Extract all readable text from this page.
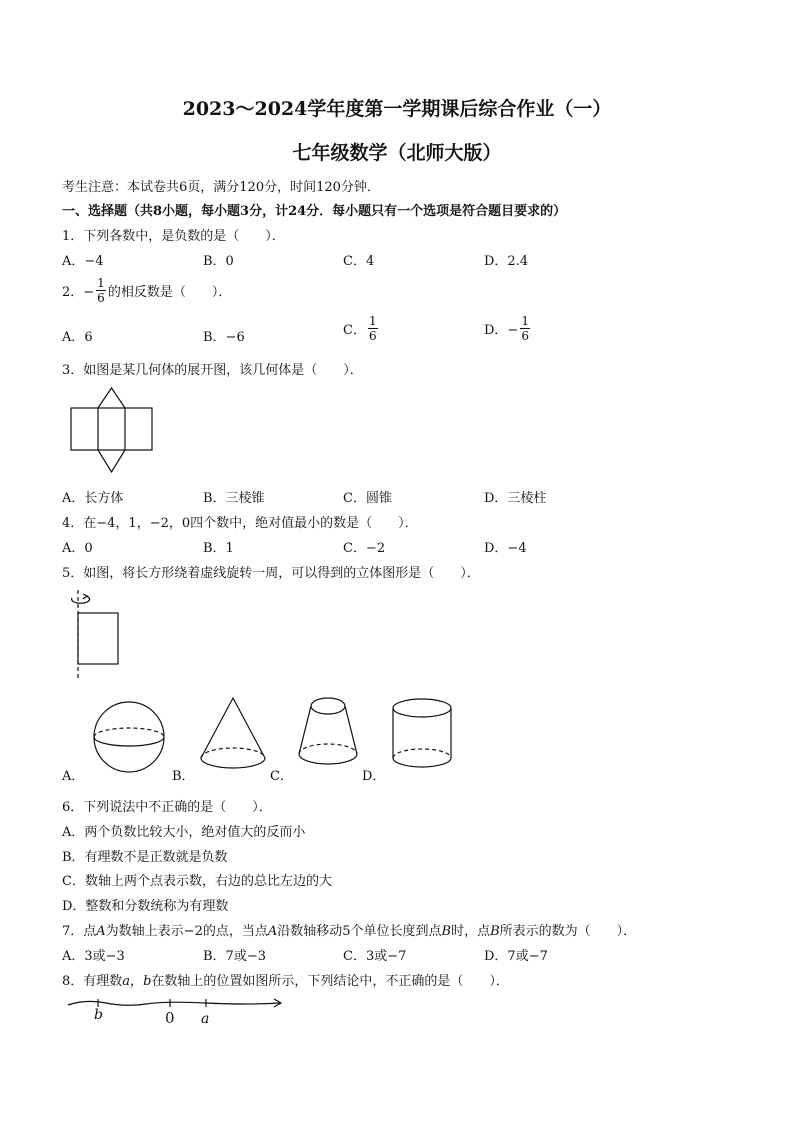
2023～2024学年度第一学期课后综合作业（一）
七年级数学（北师大版）
考生注意：本试卷共6页，满分120分，时间120分钟．
一、选择题（共8小题，每小题3分，计24分．每小题只有一个选项是符合题目要求的）
1．下列各数中，是负数的是（　　）．
A．−4	B．0	C．4	D．2.4
2．− $\frac{1}{6}$ 的相反数是（　　）．
A．6	B．−6	C． $\frac{1}{6}$	D．− $\frac{1}{6}$
3．如图是某几何体的展开图，该几何体是（　　）．
A．长方体	B．三棱锥	C．圆锥	D．三棱柱
4．在−4，1，−2，0四个数中，绝对值最小的数是（　　）．
A．0	B．1	C．−2	D．−4
5．如图，将长方形绕着虚线旋转一周，可以得到的立体图形是（　　）．
A．	B．	C．	D．
6．下列说法中不正确的是（　　）．
A．两个负数比较大小，绝对值大的反而小
B．有理数不是正数就是负数
C．数轴上两个点表示数，右边的总比左边的大
D．整数和分数统称为有理数
7．点A为数轴上表示−2的点，当点A沿数轴移动5个单位长度到点B时，点B所表示的数为（　　）．
A．3或−3	B．7或−3	C．3或−7	D．7或−7
8．有理数a，b在数轴上的位置如图所示，下列结论中，不正确的是（　　）．
b	0 a
